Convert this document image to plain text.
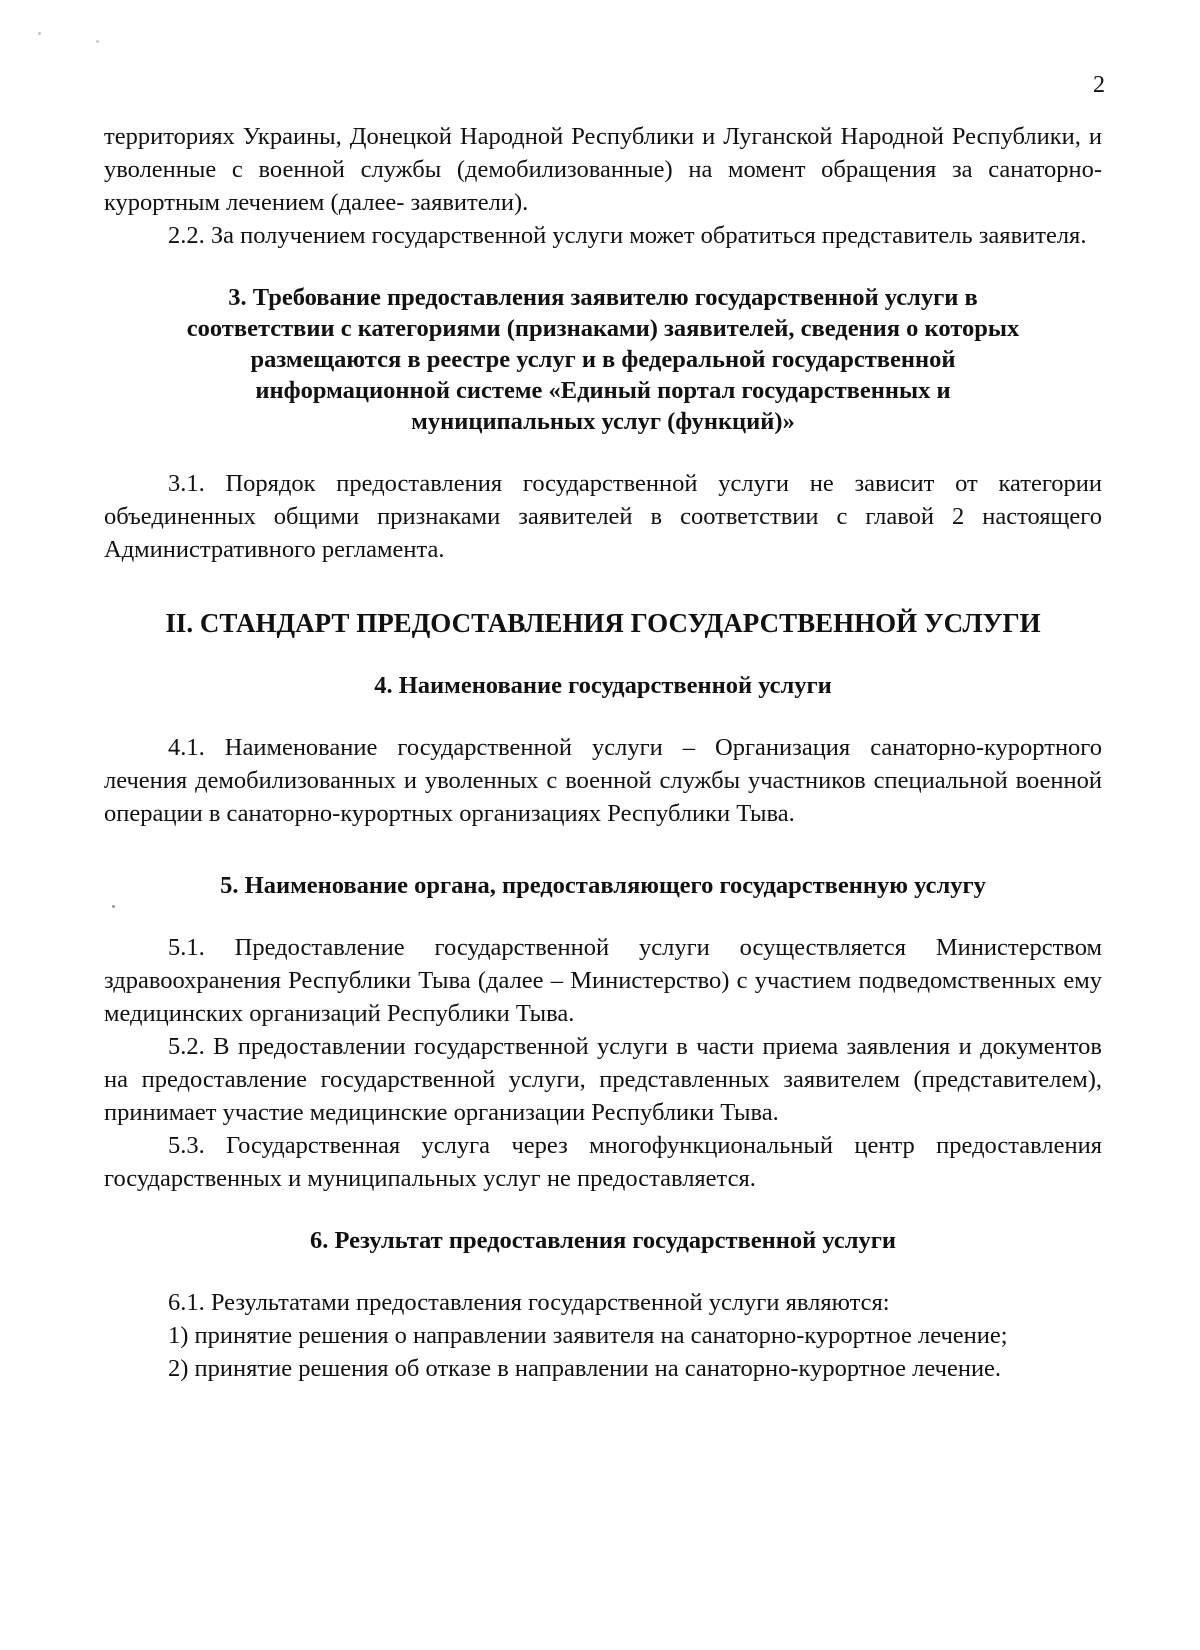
2

территориях Украины, Донецкой Народной Республики и Луганской Народной Республики, и уволенные с военной службы (демобилизованные) на момент обращения за санаторно-курортным лечением (далее- заявители).

2.2. За получением государственной услуги может обратиться представитель заявителя.

3. Требование предоставления заявителю государственной услуги в соответствии с категориями (признаками) заявителей, сведения о которых размещаются в реестре услуг и в федеральной государственной информационной системе «Единый портал государственных и муниципальных услуг (функций)»

3.1. Порядок предоставления государственной услуги не зависит от категории объединенных общими признаками заявителей в соответствии с главой 2 настоящего Административного регламента.

II. СТАНДАРТ ПРЕДОСТАВЛЕНИЯ ГОСУДАРСТВЕННОЙ УСЛУГИ

4. Наименование государственной услуги

4.1. Наименование государственной услуги – Организация санаторно-курортного лечения демобилизованных и уволенных с военной службы участников специальной военной операции в санаторно-курортных организациях Республики Тыва.

5. Наименование органа, предоставляющего государственную услугу

5.1. Предоставление государственной услуги осуществляется Министерством здравоохранения Республики Тыва (далее – Министерство) с участием подведомственных ему медицинских организаций Республики Тыва.

5.2. В предоставлении государственной услуги в части приема заявления и документов на предоставление государственной услуги, представленных заявителем (представителем), принимает участие медицинские организации Республики Тыва.

5.3. Государственная услуга через многофункциональный центр предоставления государственных и муниципальных услуг не предоставляется.

6. Результат предоставления государственной услуги

6.1. Результатами предоставления государственной услуги являются:

1) принятие решения о направлении заявителя на санаторно-курортное лечение;

2) принятие решения об отказе в направлении на санаторно-курортное лечение.
